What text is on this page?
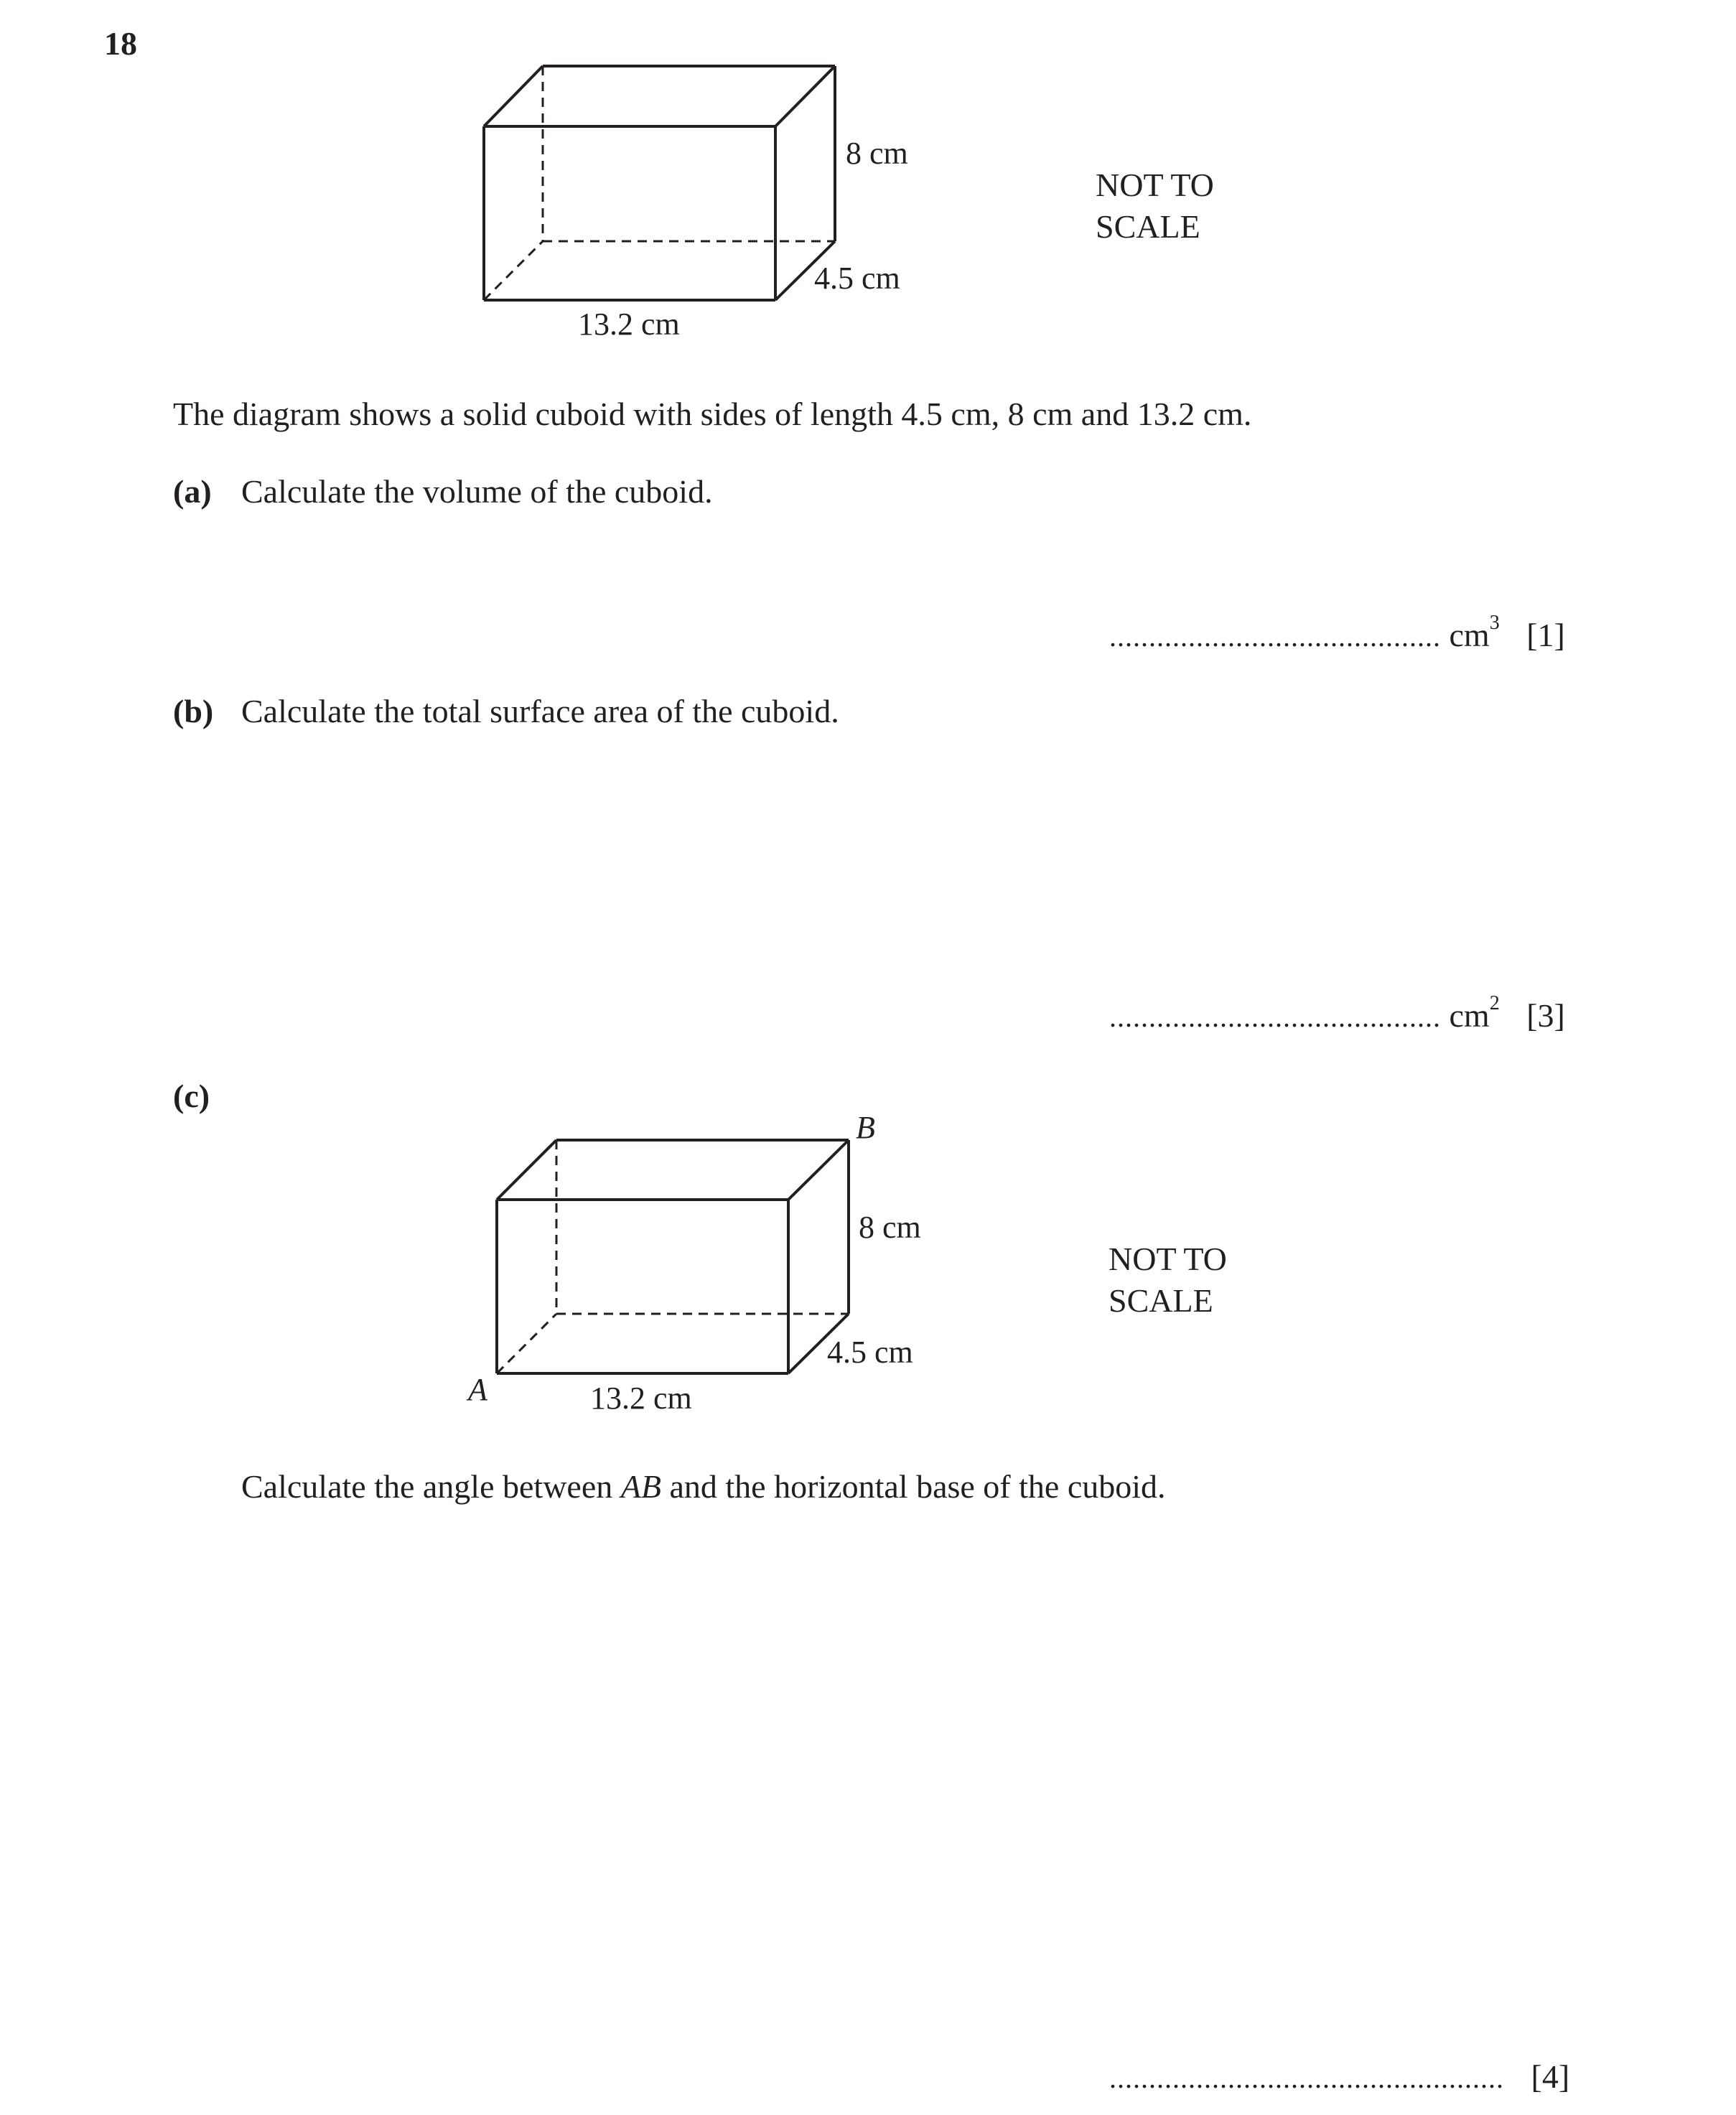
18
8 cm
4.5 cm
13.2 cm
NOT TO
SCALE
The diagram shows a solid cuboid with sides of length 4.5 cm, 8 cm and 13.2 cm.
(a) Calculate the volume of the cuboid.
.......................................... $cm^3$ [1]
(b) Calculate the total surface area of the cuboid.
.......................................... $cm^2$ [3]
(c)
B
A
8 cm
4.5 cm
13.2 cm
NOT TO
SCALE
Calculate the angle between AB and the horizontal base of the cuboid.
.................................................. [4]
